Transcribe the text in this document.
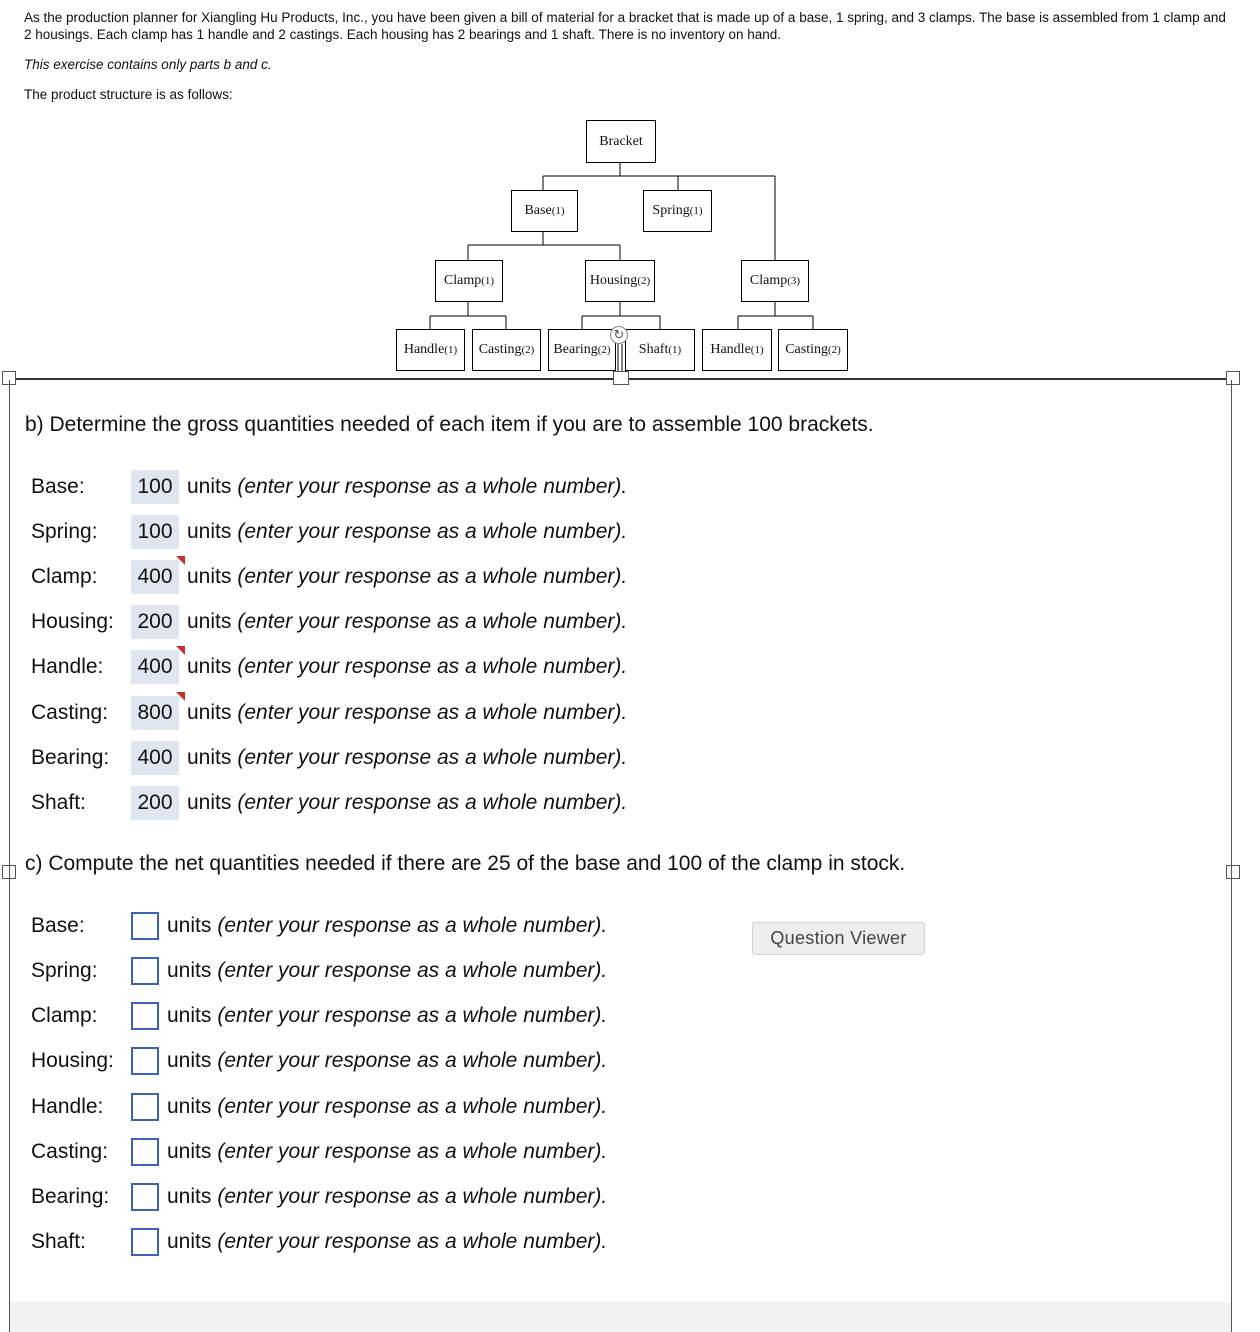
As the production planner for Xiangling Hu Products, Inc., you have been given a bill of material for a bracket that is made up of a base, 1 spring, and 3 clamps. The base is assembled from 1 clamp and 2 housings. Each clamp has 1 handle and 2 castings. Each housing has 2 bearings and 1 shaft. There is no inventory on hand.
This exercise contains only parts b and c.
The product structure is as follows:
Bracket
Base (1)	Spring (1)
Clamp (1)	Housing (2)	Clamp (3)
Handle (1) Casting (2) Bearing (2) Shaft (1) Handle (1) Casting (2)
↻
b) Determine the gross quantities needed of each item if you are to assemble 100 brackets.
Base:	100 units (enter your response as a whole number).
Spring:	100 units (enter your response as a whole number).
Clamp:	400 units (enter your response as a whole number).
Housing:	200 units (enter your response as a whole number).
Handle:	400 units (enter your response as a whole number).
Casting:	800 units (enter your response as a whole number).
Bearing:	400 units (enter your response as a whole number).
Shaft:	200 units (enter your response as a whole number).
c) Compute the net quantities needed if there are 25 of the base and 100 of the clamp in stock.
Base:	units (enter your response as a whole number).
Spring:	units (enter your response as a whole number).
Clamp:	units (enter your response as a whole number).
Housing:	units (enter your response as a whole number).
Handle:	units (enter your response as a whole number).
Casting:	units (enter your response as a whole number).
Bearing:	units (enter your response as a whole number).
Shaft:	units (enter your response as a whole number).
Question Viewer
